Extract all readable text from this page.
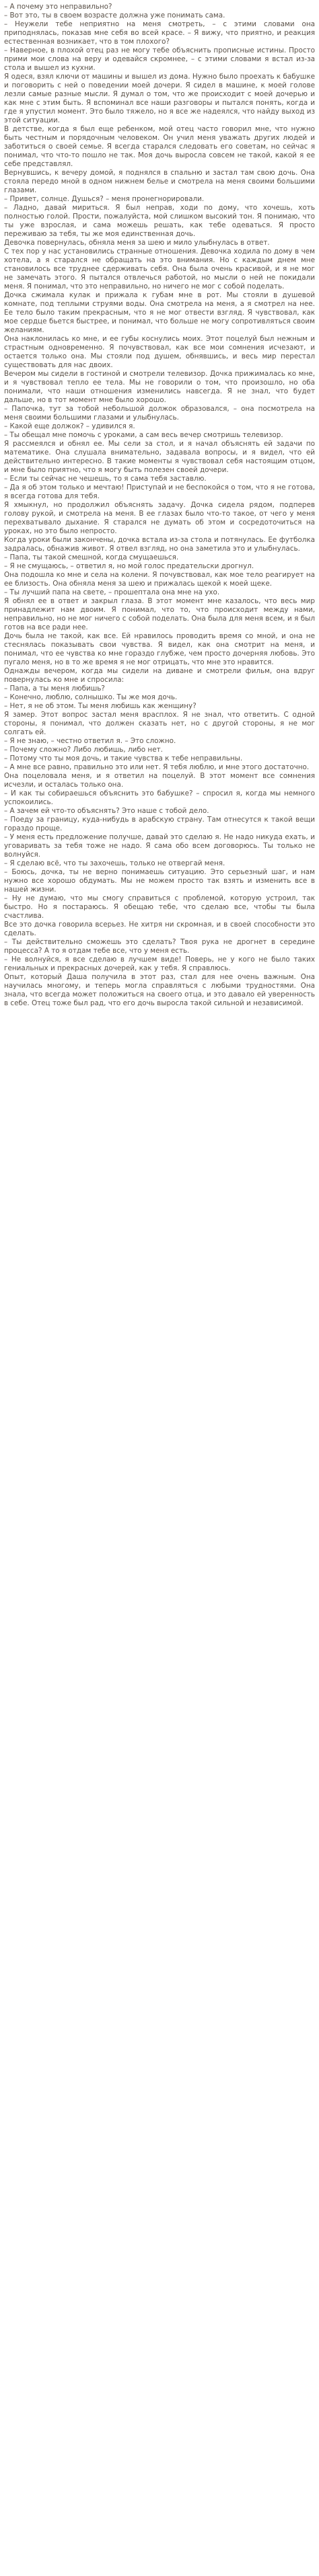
– А почему это неправильно?

– Вот это, ты в своем возрасте должна уже понимать сама.

– Неужели тебе неприятно на меня смотреть, – с этими словами она приподнялась, показав мне себя во всей красе. – Я вижу, что приятно, и реакция естественная возникает, что в том плохого?

– Наверное, в плохой отец раз не могу тебе объяснить прописные истины. Просто прими мои слова на веру и одевайся скромнее, – с этими словами я встал из-за стола и вышел из кухни.

Я одеся, взял ключи от машины и вышел из дома. Нужно было проехать к бабушке и поговорить с ней о поведении моей дочери. Я сидел в машине, к моей голове лезли самые разные мысли. Я думал о том, что же происходит с моей дочерью и как мне с этим быть. Я вспоминал все наши разговоры и пытался понять, когда и где я упустил момент. Это было тяжело, но я все же надеялся, что найду выход из этой ситуации.

В детстве, когда я был еще ребенком, мой отец часто говорил мне, что нужно быть честным и порядочным человеком. Он учил меня уважать других людей и заботиться о своей семье. Я всегда старался следовать его советам, но сейчас я понимал, что что-то пошло не так. Моя дочь выросла совсем не такой, какой я ее себе представлял.

Вернувшись, к вечеру домой, я поднялся в спальню и застал там свою дочь. Она стояла передо мной в одном нижнем белье и смотрела на меня своими большими глазами.

– Привет, солнце. Душься? – меня пронегнорировали.

– Ладно, давай мириться. Я был неправ, ходи по дому, что хочешь, хоть полностью голой. Прости, пожалуйста, мой слишком высокий тон. Я понимаю, что ты уже взрослая, и сама можешь решать, как тебе одеваться. Я просто переживаю за тебя, ты же моя единственная дочь.

Девочка повернулась, обняла меня за шею и мило улыбнулась в ответ.

С тех пор у нас установились странные отношения. Девочка ходила по дому в чем хотела, а я старался не обращать на это внимания. Но с каждым днем мне становилось все труднее сдерживать себя. Она была очень красивой, и я не мог не замечать этого. Я пытался отвлечься работой, но мысли о ней не покидали меня. Я понимал, что это неправильно, но ничего не мог с собой поделать.

Дочка сжимала кулак и прижала к губам мне в рот. Мы стояли в душевой комнате, под теплыми струями воды. Она смотрела на меня, а я смотрел на нее. Ее тело было таким прекрасным, что я не мог отвести взгляд. Я чувствовал, как мое сердце бьется быстрее, и понимал, что больше не могу сопротивляться своим желаниям.

Она наклонилась ко мне, и ее губы коснулись моих. Этот поцелуй был нежным и страстным одновременно. Я почувствовал, как все мои сомнения исчезают, и остается только она. Мы стояли под душем, обнявшись, и весь мир перестал существовать для нас двоих.

Вечером мы сидели в гостиной и смотрели телевизор. Дочка прижималась ко мне, и я чувствовал тепло ее тела. Мы не говорили о том, что произошло, но оба понимали, что наши отношения изменились навсегда. Я не знал, что будет дальше, но в тот момент мне было хорошо.

– Папочка, тут за тобой небольшой должок образовался, – она посмотрела на меня своими большими глазами и улыбнулась.

– Какой еще должок? – удивился я.

– Ты обещал мне помочь с уроками, а сам весь вечер смотришь телевизор.

Я рассмеялся и обнял ее. Мы сели за стол, и я начал объяснять ей задачи по математике. Она слушала внимательно, задавала вопросы, и я видел, что ей действительно интересно. В такие моменты я чувствовал себя настоящим отцом, и мне было приятно, что я могу быть полезен своей дочери.

– Если ты сейчас не чешешь, то я сама тебя заставлю.

– Да я об этом только и мечтаю! Приступай и не беспокойся о том, что я не готова, я всегда готова для тебя.

Я хмыкнул, но продолжил объяснять задачу. Дочка сидела рядом, подперев голову рукой, и смотрела на меня. В ее глазах было что-то такое, от чего у меня перехватывало дыхание. Я старался не думать об этом и сосредоточиться на уроках, но это было непросто.

Когда уроки были закончены, дочка встала из-за стола и потянулась. Ее футболка задралась, обнажив живот. Я отвел взгляд, но она заметила это и улыбнулась.

– Папа, ты такой смешной, когда смущаешься.

– Я не смущаюсь, – ответил я, но мой голос предательски дрогнул.

Она подошла ко мне и села на колени. Я почувствовал, как мое тело реагирует на ее близость. Она обняла меня за шею и прижалась щекой к моей щеке.

– Ты лучший папа на свете, – прошептала она мне на ухо.

Я обнял ее в ответ и закрыл глаза. В этот момент мне казалось, что весь мир принадлежит нам двоим. Я понимал, что то, что происходит между нами, неправильно, но не мог ничего с собой поделать. Она была для меня всем, и я был готов на все ради нее.

Дочь была не такой, как все. Ей нравилось проводить время со мной, и она не стеснялась показывать свои чувства. Я видел, как она смотрит на меня, и понимал, что ее чувства ко мне гораздо глубже, чем просто дочерняя любовь. Это пугало меня, но в то же время я не мог отрицать, что мне это нравится.

Однажды вечером, когда мы сидели на диване и смотрели фильм, она вдруг повернулась ко мне и спросила:

– Папа, а ты меня любишь?

– Конечно, люблю, солнышко. Ты же моя дочь.

– Нет, я не об этом. Ты меня любишь как женщину?

Я замер. Этот вопрос застал меня врасплох. Я не знал, что ответить. С одной стороны, я понимал, что должен сказать нет, но с другой стороны, я не мог солгать ей.

– Я не знаю, – честно ответил я. – Это сложно.

– Почему сложно? Либо любишь, либо нет.

– Потому что ты моя дочь, и такие чувства к тебе неправильны.

– А мне все равно, правильно это или нет. Я тебя люблю, и мне этого достаточно.

Она поцеловала меня, и я ответил на поцелуй. В этот момент все сомнения исчезли, и осталась только она.

– И как ты собираешься объяснить это бабушке? – спросил я, когда мы немного успокоились.

– А зачем ей что-то объяснять? Это наше с тобой дело.

– Поеду за границу, куда-нибудь в арабскую страну. Там отнесутся к такой вещи гораздо проще.

– У меня есть предложение получше, давай это сделаю я. Не надо никуда ехать, и уговаривать за тебя тоже не надо. Я сама обо всем договорюсь. Ты только не волнуйся.

– Я сделаю всё, что ты захочешь, только не отвергай меня.

– Боюсь, дочка, ты не верно понимаешь ситуацию. Это серьезный шаг, и нам нужно все хорошо обдумать. Мы не можем просто так взять и изменить все в нашей жизни.

– Ну не думаю, что мы смогу справиться с проблемой, которую устроил, так быстро. Но я постараюсь. Я обещаю тебе, что сделаю все, чтобы ты была счастлива.

Все это дочка говорила всерьез. Не хитря ни скромная, и в своей способности это сделать.

– Ты действительно сможешь это сделать? Твоя рука не дрогнет в середине процесса? А то я отдам тебе все, что у меня есть.

– Не волнуйся, я все сделаю в лучшем виде! Поверь, не у кого не было таких гениальных и прекрасных дочерей, как у тебя. Я справлюсь.

Опыт, который Даша получила в этот раз, стал для нее очень важным. Она научилась многому, и теперь могла справляться с любыми трудностями. Она знала, что всегда может положиться на своего отца, и это давало ей уверенность в себе. Отец тоже был рад, что его дочь выросла такой сильной и независимой.
